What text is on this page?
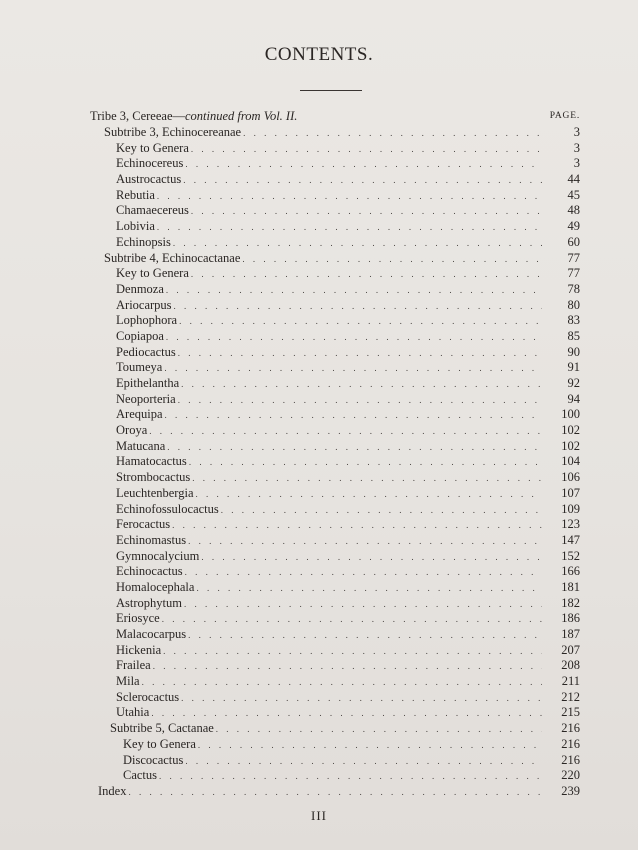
CONTENTS.
Tribe 3, Cereeae—continued from Vol. II.	PAGE.
Subtribe 3, Echinocereanae . . .	3
Key to Genera . . .	3
Echinocereus . . .	3
Austrocactus . . .	44
Rebutia . . .	45
Chamaecereus . . .	48
Lobivia . . .	49
Echinopsis . . .	60
Subtribe 4, Echinocactanae . . .	77
Key to Genera . . .	77
Denmoza . . .	78
Ariocarpus . . .	80
Lophophora . . .	83
Copiapoa . . .	85
Pediocactus . . .	90
Toumeya . . .	91
Epithelantha . . .	92
Neoporteria . . .	94
Arequipa . . .	100
Oroya . . .	102
Matucana . . .	102
Hamatocactus . . .	104
Strombocactus . . .	106
Leuchtenbergia . . .	107
Echinofossulocactus . . .	109
Ferocactus . . .	123
Echinomastus . . .	147
Gymnocalycium . . .	152
Echinocactus . . .	166
Homalocephala . . .	181
Astrophytum . . .	182
Eriosyce . . .	186
Malacocarpus . . .	187
Hickenia . . .	207
Frailea . . .	208
Mila . . .	211
Sclerocactus . . .	212
Utahia . . .	215
Subtribe 5, Cactanae . . .	216
Key to Genera . . .	216
Discocactus . . .	216
Cactus . . .	220
Index . . .	239
III
